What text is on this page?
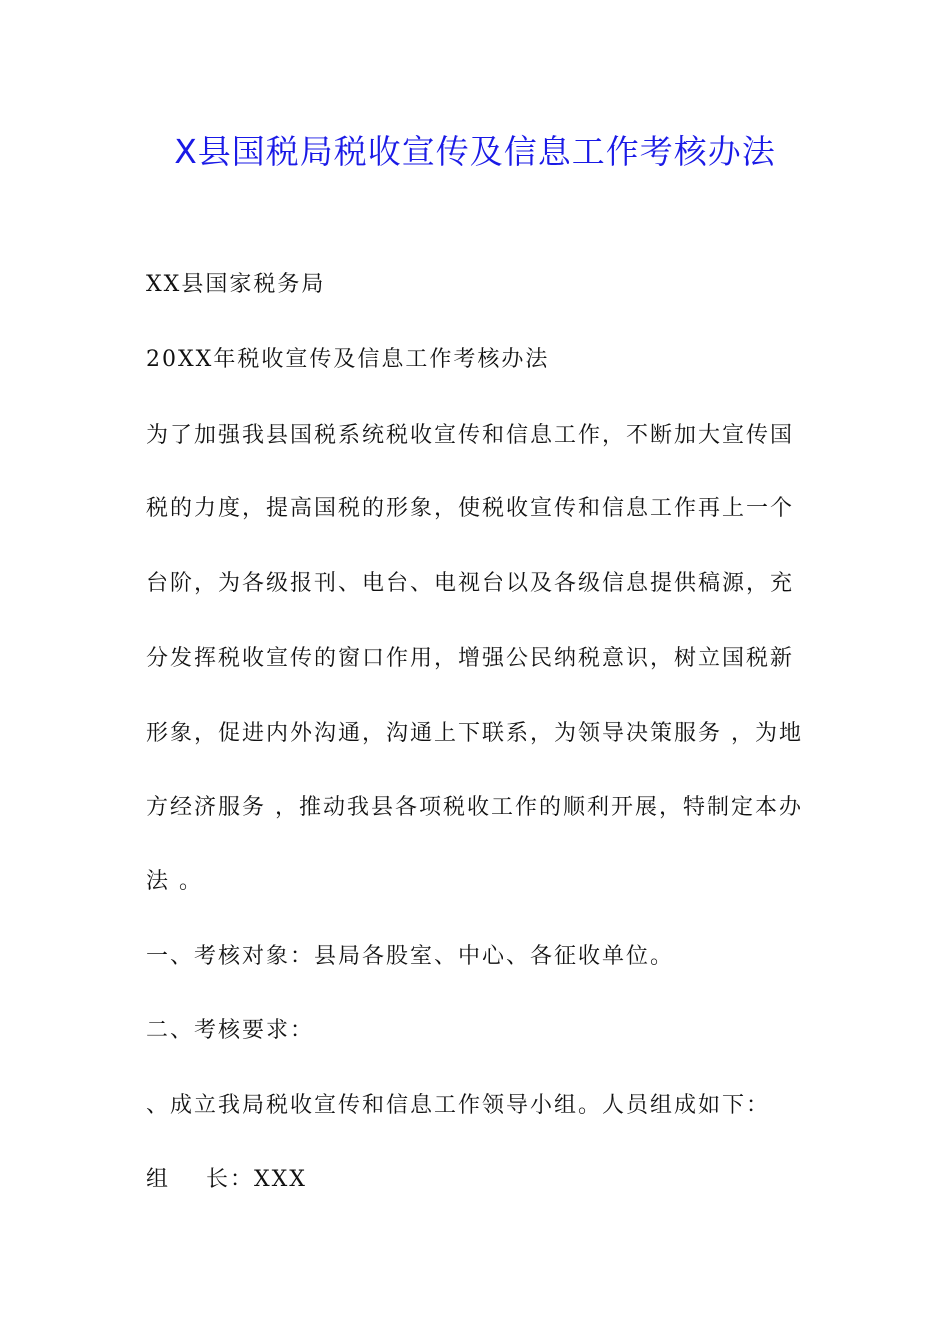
X县国税局税收宣传及信息工作考核办法
XX县国家税务局
20XX年税收宣传及信息工作考核办法
为了加强我县国税系统税收宣传和信息工作，不断加大宣传国
税的力度，提高国税的形象，使税收宣传和信息工作再上一个
台阶，为各级报刊、电台、电视台以及各级信息提供稿源，充
分发挥税收宣传的窗口作用，增强公民纳税意识，树立国税新
形象，促进内外沟通，沟通上下联系，为领导决策服务 ，为地
方经济服务 ，推动我县各项税收工作的顺利开展，特制定本办
法 。
一、考核对象：县局各股室、中心、各征收单位。
二、考核要求：
、成立我局税收宣传和信息工作领导小组。人员组成如下：
组    长：XXX
